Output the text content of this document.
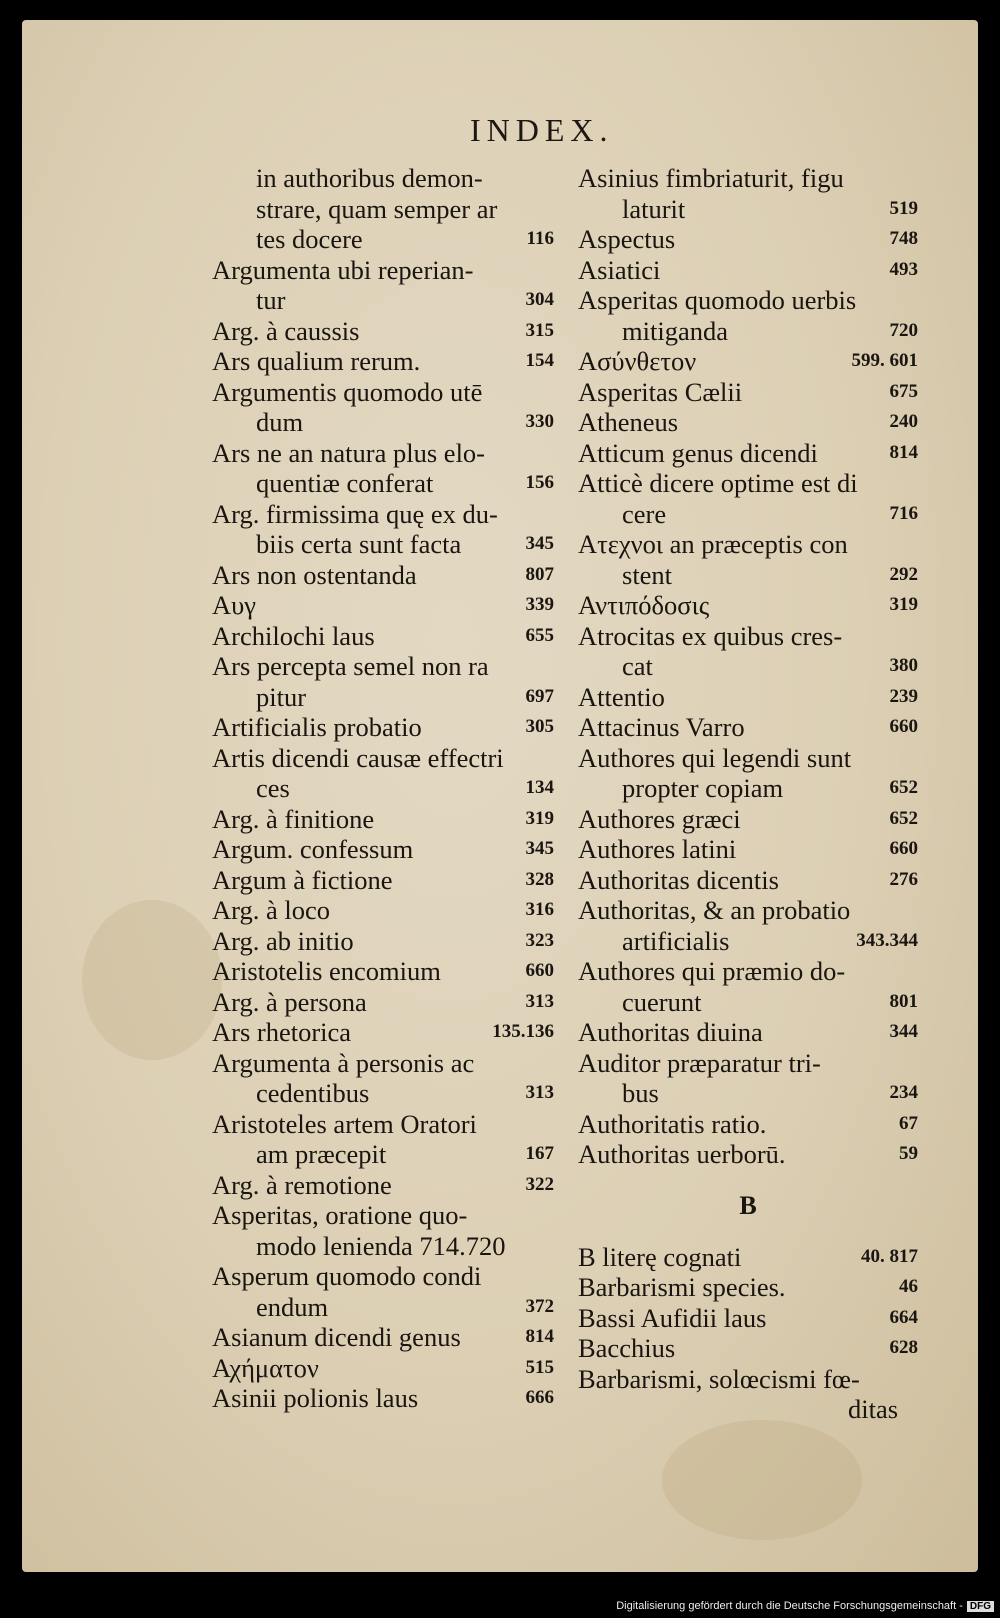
INDEX.
in authoribus demon-
strare, quam semper ar
tes docere	116
Argumenta ubi reperian-
tur	304
Arg. à caussis	315
Ars qualium rerum.	154
Argumentis quomodo utē
dum	330
Ars ne an natura plus elo-
quentiæ conferat	156
Arg. firmissima quę ex du-
biis certa sunt facta	345
Ars non ostentanda	807
Αυγ	339
Archilochi laus	655
Ars percepta semel non ra
pitur	697
Artificialis probatio	305
Artis dicendi causæ effectri
ces	134
Arg. à finitione	319
Argum. confessum	345
Argum à fictione	328
Arg. à loco	316
Arg. ab initio	323
Aristotelis encomium	660
Arg. à persona	313
Ars rhetorica	135.136
Argumenta à personis ac
cedentibus	313
Aristoteles artem Oratori
am præcepit	167
Arg. à remotione	322
Asperitas, oratione quo-
modo lenienda 714.720
Asperum quomodo condi
endum	372
Asianum dicendi genus	814
Αχήματον	515
Asinii polionis laus	666
Asinius fimbriaturit, figu
laturit	519
Aspectus	748
Asiatici	493
Asperitas quomodo uerbis
mitiganda	720
Ασύνθετον	599. 601
Asperitas Cælii	675
Atheneus	240
Atticum genus dicendi	814
Atticè dicere optime est di
cere	716
Ατεχνοι an præceptis con
stent	292
Αντιπόδοσις	319
Atrocitas ex quibus cres-
cat	380
Attentio	239
Attacinus Varro	660
Authores qui legendi sunt
propter copiam	652
Authores græci	652
Authores latini	660
Authoritas dicentis	276
Authoritas, & an probatio
artificialis	343.344
Authores qui præmio do-
cuerunt	801
Authoritas diuina	344
Auditor præparatur tri-
bus	234
Authoritatis ratio.	67
Authoritas uerborū.	59
B
B literę cognati	40. 817
Barbarismi species.	46
Bassi Aufidii laus	664
Bacchius	628
Barbarismi, solœcismi fœ-
ditas
Digitalisierung gefördert durch die Deutsche Forschungsgemeinschaft - DFG
